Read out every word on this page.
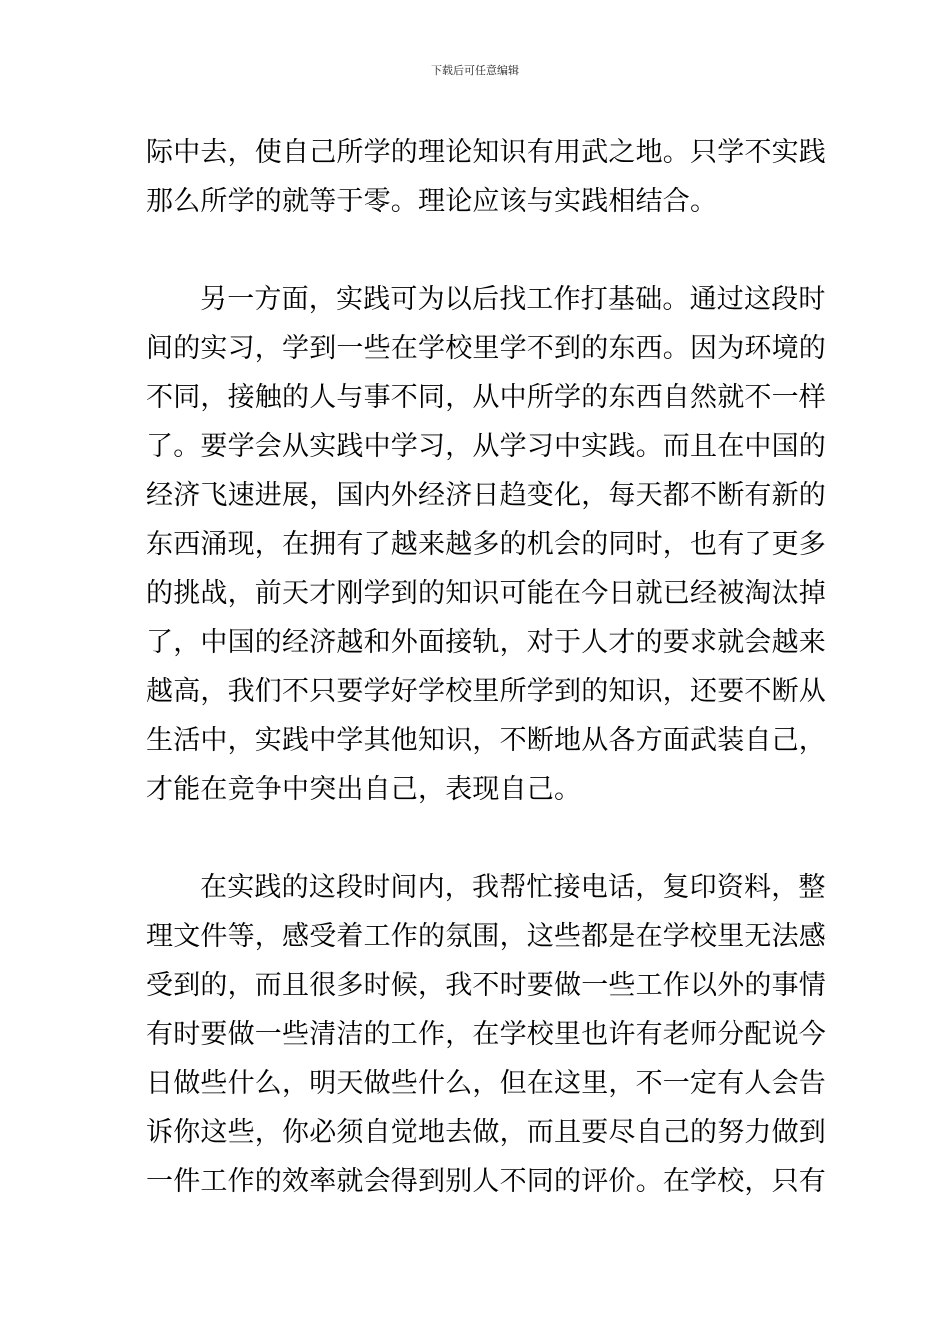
下载后可任意编辑
际中去，使自己所学的理论知识有用武之地。只学不实践
那么所学的就等于零。理论应该与实践相结合。
另一方面，实践可为以后找工作打基础。通过这段时
间的实习，学到一些在学校里学不到的东西。因为环境的
不同，接触的人与事不同，从中所学的东西自然就不一样
了。要学会从实践中学习，从学习中实践。而且在中国的
经济飞速进展，国内外经济日趋变化，每天都不断有新的
东西涌现，在拥有了越来越多的机会的同时，也有了更多
的挑战，前天才刚学到的知识可能在今日就已经被淘汰掉
了，中国的经济越和外面接轨，对于人才的要求就会越来
越高，我们不只要学好学校里所学到的知识，还要不断从
生活中，实践中学其他知识，不断地从各方面武装自己，
才能在竞争中突出自己，表现自己。
在实践的这段时间内，我帮忙接电话，复印资料，整
理文件等，感受着工作的氛围，这些都是在学校里无法感
受到的，而且很多时候，我不时要做一些工作以外的事情
有时要做一些清洁的工作，在学校里也许有老师分配说今
日做些什么，明天做些什么，但在这里，不一定有人会告
诉你这些，你必须自觉地去做，而且要尽自己的努力做到
一件工作的效率就会得到别人不同的评价。在学校，只有
